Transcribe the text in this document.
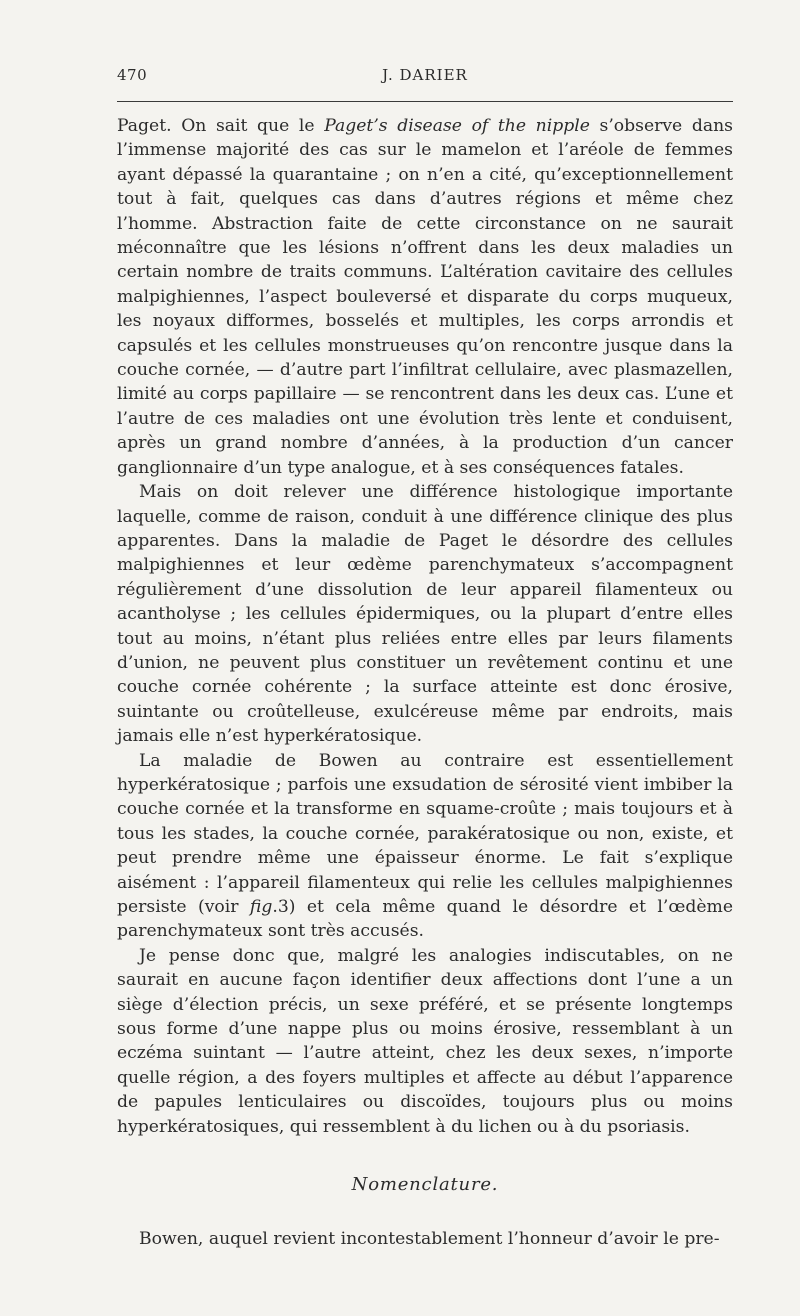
470	J. DARIER

Paget. On sait que le Paget’s disease of the nipple s’observe dans l’immense majorité des cas sur le mamelon et l’aréole de femmes ayant dépassé la quarantaine ; on n’en a cité, qu’exceptionnellement tout à fait, quelques cas dans d’autres régions et même chez l’homme. Abstraction faite de cette circonstance on ne saurait méconnaître que les lésions n’offrent dans les deux maladies un certain nombre de traits communs. L’altération cavitaire des cellules malpighiennes, l’aspect bouleversé et disparate du corps muqueux, les noyaux difformes, bosselés et multiples, les corps arrondis et capsulés et les cellules monstrueuses qu’on rencontre jusque dans la couche cornée, — d’autre part l’infiltrat cellulaire, avec plasmazellen, limité au corps papillaire — se rencontrent dans les deux cas. L’une et l’autre de ces maladies ont une évolution très lente et conduisent, après un grand nombre d’années, à la production d’un cancer ganglionnaire d’un type analogue, et à ses conséquences fatales.

Mais on doit relever une différence histologique importante laquelle, comme de raison, conduit à une différence clinique des plus apparentes. Dans la maladie de Paget le désordre des cellules malpighiennes et leur œdème parenchymateux s’accompagnent régulièrement d’une dissolution de leur appareil filamenteux ou acantholyse ; les cellules épidermiques, ou la plupart d’entre elles tout au moins, n’étant plus reliées entre elles par leurs filaments d’union, ne peuvent plus constituer un revêtement continu et une couche cornée cohérente ; la surface atteinte est donc érosive, suintante ou croûtelleuse, exulcéreuse même par endroits, mais jamais elle n’est hyperkératosique.

La maladie de Bowen au contraire est essentiellement hyperkératosique ; parfois une exsudation de sérosité vient imbiber la couche cornée et la transforme en squame-croûte ; mais toujours et à tous les stades, la couche cornée, parakératosique ou non, existe, et peut prendre même une épaisseur énorme. Le fait s’explique aisément : l’appareil filamenteux qui relie les cellules malpighiennes persiste (voir fig.3) et cela même quand le désordre et l’œdème parenchymateux sont très accusés.

Je pense donc que, malgré les analogies indiscutables, on ne saurait en aucune façon identifier deux affections dont l’une a un siège d’élection précis, un sexe préféré, et se présente longtemps sous forme d’une nappe plus ou moins érosive, ressemblant à un eczéma suintant — l’autre atteint, chez les deux sexes, n’importe quelle région, a des foyers multiples et affecte au début l’apparence de papules lenticulaires ou discoïdes, toujours plus ou moins hyperkératosiques, qui ressemblent à du lichen ou à du psoriasis.

Nomenclature.

Bowen, auquel revient incontestablement l’honneur d’avoir le pre-
